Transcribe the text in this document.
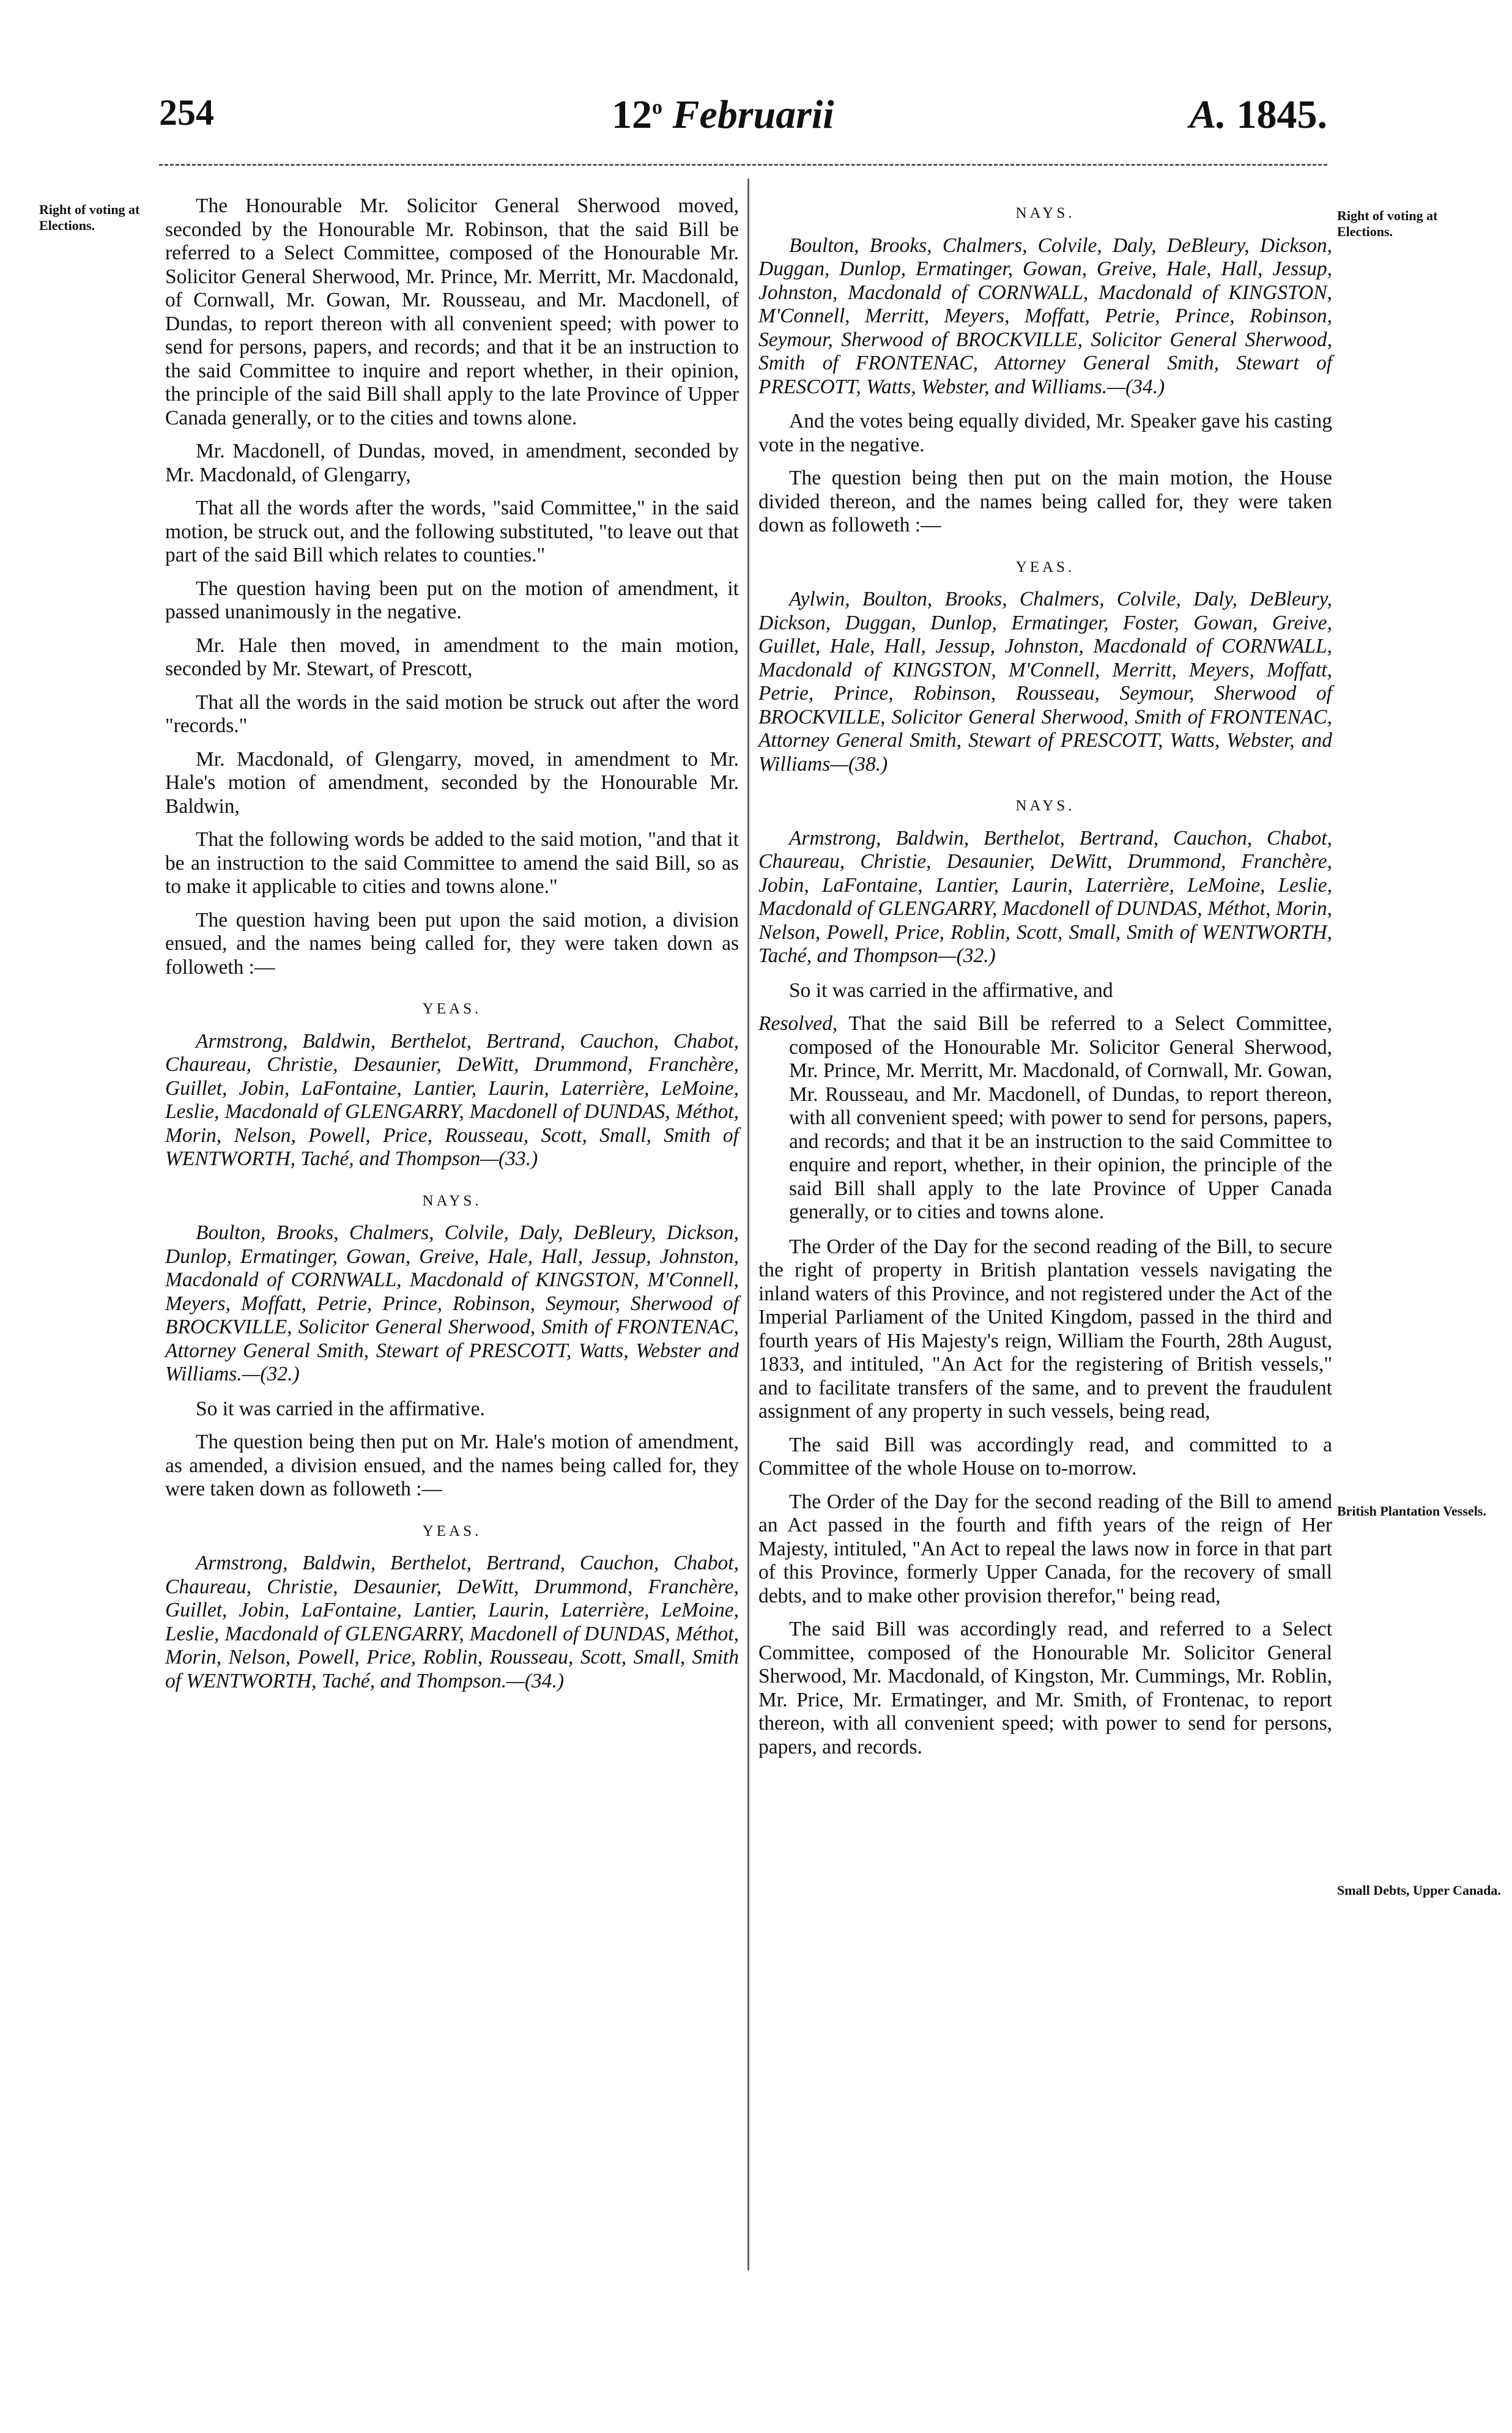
254	12$^o$ Februarii	A. 1845.
Right of voting at Elections.
Right of voting at Elections.
British Plantation Vessels.
Small Debts, Upper Canada.

The Honourable Mr. Solicitor General Sherwood moved, seconded by the Honourable Mr. Robinson, that the said Bill be referred to a Select Committee, composed of the Honourable Mr. Solicitor General Sherwood, Mr. Prince, Mr. Merritt, Mr. Macdonald, of Cornwall, Mr. Gowan, Mr. Rousseau, and Mr. Macdonell, of Dundas, to report thereon with all convenient speed; with power to send for persons, papers, and records; and that it be an instruction to the said Committee to inquire and report whether, in their opinion, the principle of the said Bill shall apply to the late Province of Upper Canada generally, or to the cities and towns alone.

Mr. Macdonell, of Dundas, moved, in amendment, seconded by Mr. Macdonald, of Glengarry,

That all the words after the words, "said Committee," in the said motion, be struck out, and the following substituted, "to leave out that part of the said Bill which relates to counties."

The question having been put on the motion of amendment, it passed unanimously in the negative.

Mr. Hale then moved, in amendment to the main motion, seconded by Mr. Stewart, of Prescott,

That all the words in the said motion be struck out after the word "records."

Mr. Macdonald, of Glengarry, moved, in amendment to Mr. Hale's motion of amendment, seconded by the Honourable Mr. Baldwin,

That the following words be added to the said motion, "and that it be an instruction to the said Committee to amend the said Bill, so as to make it applicable to cities and towns alone."

The question having been put upon the said motion, a division ensued, and the names being called for, they were taken down as followeth :—

YEAS.

Armstrong, Baldwin, Berthelot, Bertrand, Cauchon, Chabot, Chaureau, Christie, Desaunier, DeWitt, Drummond, Franchère, Guillet, Jobin, LaFontaine, Lantier, Laurin, Laterrière, LeMoine, Leslie, Macdonald of GLENGARRY, Macdonell of DUNDAS, Méthot, Morin, Nelson, Powell, Price, Rousseau, Scott, Small, Smith of WENTWORTH, Taché, and Thompson—(33.)

NAYS.

Boulton, Brooks, Chalmers, Colvile, Daly, DeBleury, Dickson, Dunlop, Ermatinger, Gowan, Greive, Hale, Hall, Jessup, Johnston, Macdonald of CORNWALL, Macdonald of KINGSTON, M'Connell, Meyers, Moffatt, Petrie, Prince, Robinson, Seymour, Sherwood of BROCKVILLE, Solicitor General Sherwood, Smith of FRONTENAC, Attorney General Smith, Stewart of PRESCOTT, Watts, Webster and Williams.—(32.)

So it was carried in the affirmative.

The question being then put on Mr. Hale's motion of amendment, as amended, a division ensued, and the names being called for, they were taken down as followeth :—

YEAS.

Armstrong, Baldwin, Berthelot, Bertrand, Cauchon, Chabot, Chaureau, Christie, Desaunier, DeWitt, Drummond, Franchère, Guillet, Jobin, LaFontaine, Lantier, Laurin, Laterrière, LeMoine, Leslie, Macdonald of GLENGARRY, Macdonell of DUNDAS, Méthot, Morin, Nelson, Powell, Price, Roblin, Rousseau, Scott, Small, Smith of WENTWORTH, Taché, and Thompson.—(34.)

NAYS.

Boulton, Brooks, Chalmers, Colvile, Daly, DeBleury, Dickson, Duggan, Dunlop, Ermatinger, Gowan, Greive, Hale, Hall, Jessup, Johnston, Macdonald of CORNWALL, Macdonald of KINGSTON, M'Connell, Merritt, Meyers, Moffatt, Petrie, Prince, Robinson, Seymour, Sherwood of BROCKVILLE, Solicitor General Sherwood, Smith of FRONTENAC, Attorney General Smith, Stewart of PRESCOTT, Watts, Webster, and Williams.—(34.)

And the votes being equally divided, Mr. Speaker gave his casting vote in the negative.

The question being then put on the main motion, the House divided thereon, and the names being called for, they were taken down as followeth :—

YEAS.

Aylwin, Boulton, Brooks, Chalmers, Colvile, Daly, DeBleury, Dickson, Duggan, Dunlop, Ermatinger, Foster, Gowan, Greive, Guillet, Hale, Hall, Jessup, Johnston, Macdonald of CORNWALL, Macdonald of KINGSTON, M'Connell, Merritt, Meyers, Moffatt, Petrie, Prince, Robinson, Rousseau, Seymour, Sherwood of BROCKVILLE, Solicitor General Sherwood, Smith of FRONTENAC, Attorney General Smith, Stewart of PRESCOTT, Watts, Webster, and Williams—(38.)

NAYS.

Armstrong, Baldwin, Berthelot, Bertrand, Cauchon, Chabot, Chaureau, Christie, Desaunier, DeWitt, Drummond, Franchère, Jobin, LaFontaine, Lantier, Laurin, Laterrière, LeMoine, Leslie, Macdonald of GLENGARRY, Macdonell of DUNDAS, Méthot, Morin, Nelson, Powell, Price, Roblin, Scott, Small, Smith of WENTWORTH, Taché, and Thompson—(32.)

So it was carried in the affirmative, and

Resolved, That the said Bill be referred to a Select Committee, composed of the Honourable Mr. Solicitor General Sherwood, Mr. Prince, Mr. Merritt, Mr. Macdonald, of Cornwall, Mr. Gowan, Mr. Rousseau, and Mr. Macdonell, of Dundas, to report thereon, with all convenient speed; with power to send for persons, papers, and records; and that it be an instruction to the said Committee to enquire and report, whether, in their opinion, the principle of the said Bill shall apply to the late Province of Upper Canada generally, or to cities and towns alone.

The Order of the Day for the second reading of the Bill, to secure the right of property in British plantation vessels navigating the inland waters of this Province, and not registered under the Act of the Imperial Parliament of the United Kingdom, passed in the third and fourth years of His Majesty's reign, William the Fourth, 28th August, 1833, and intituled, "An Act for the registering of British vessels," and to facilitate transfers of the same, and to prevent the fraudulent assignment of any property in such vessels, being read,

The said Bill was accordingly read, and committed to a Committee of the whole House on to-morrow.

The Order of the Day for the second reading of the Bill to amend an Act passed in the fourth and fifth years of the reign of Her Majesty, intituled, "An Act to repeal the laws now in force in that part of this Province, formerly Upper Canada, for the recovery of small debts, and to make other provision therefor," being read,

The said Bill was accordingly read, and referred to a Select Committee, composed of the Honourable Mr. Solicitor General Sherwood, Mr. Macdonald, of Kingston, Mr. Cummings, Mr. Roblin, Mr. Price, Mr. Ermatinger, and Mr. Smith, of Frontenac, to report thereon, with all convenient speed; with power to send for persons, papers, and records.
